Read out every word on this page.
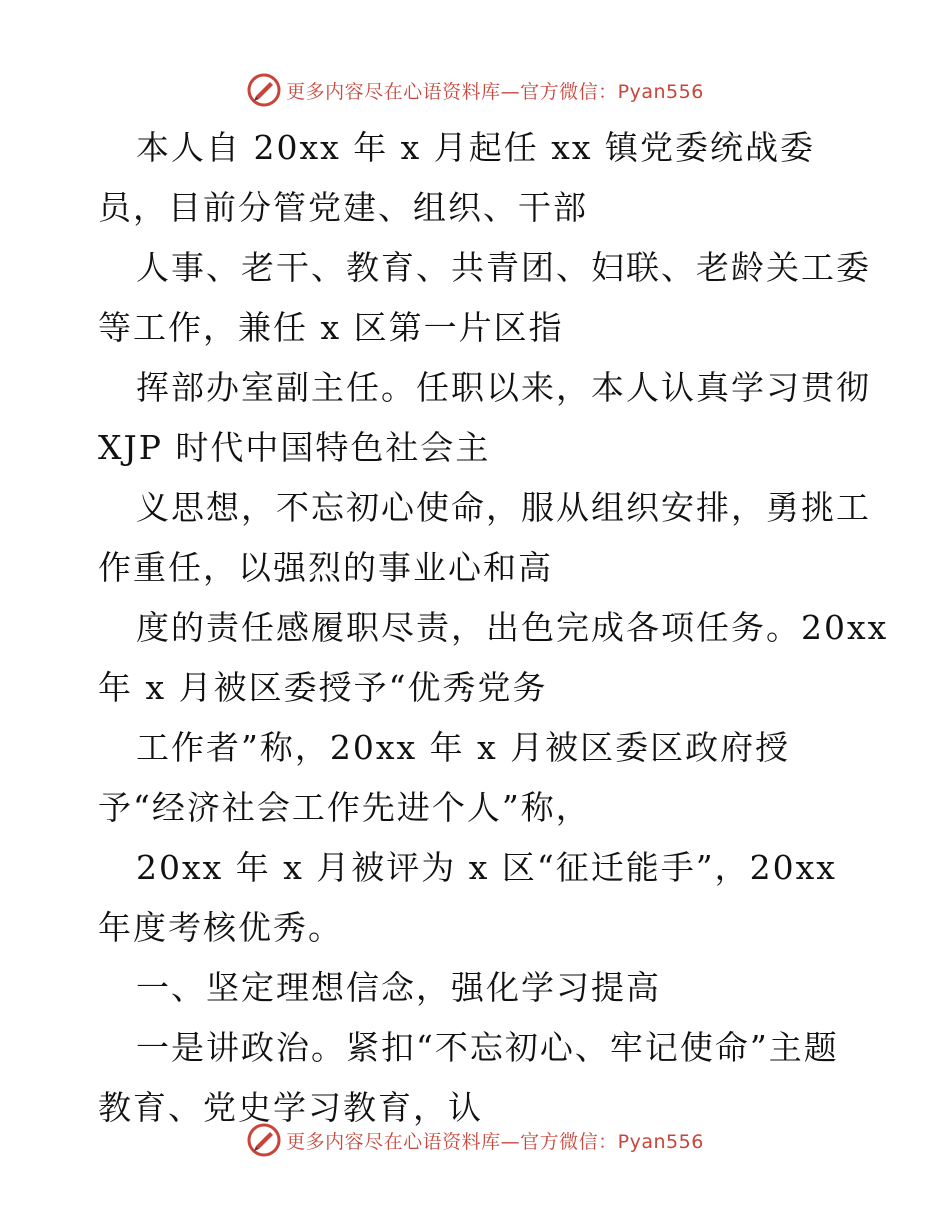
更多内容尽在心语资料库—官方微信：Pyan556
本人自 20xx 年 x 月起任 xx 镇党委统战委
员，目前分管党建、组织、干部
人事、老干、教育、共青团、妇联、老龄关工委
等工作，兼任 x 区第一片区指
挥部办室副主任。任职以来，本人认真学习贯彻
XJP 时代中国特色社会主
义思想，不忘初心使命，服从组织安排，勇挑工
作重任，以强烈的事业心和高
度的责任感履职尽责，出色完成各项任务。20xx
年 x 月被区委授予“优秀党务
工作者”称，20xx 年 x 月被区委区政府授
予“经济社会工作先进个人”称，
20xx 年 x 月被评为 x 区“征迁能手”，20xx
年度考核优秀。
一、坚定理想信念，强化学习提高
一是讲政治。紧扣“不忘初心、牢记使命”主题
教育、党史学习教育，认
更多内容尽在心语资料库—官方微信：Pyan556
